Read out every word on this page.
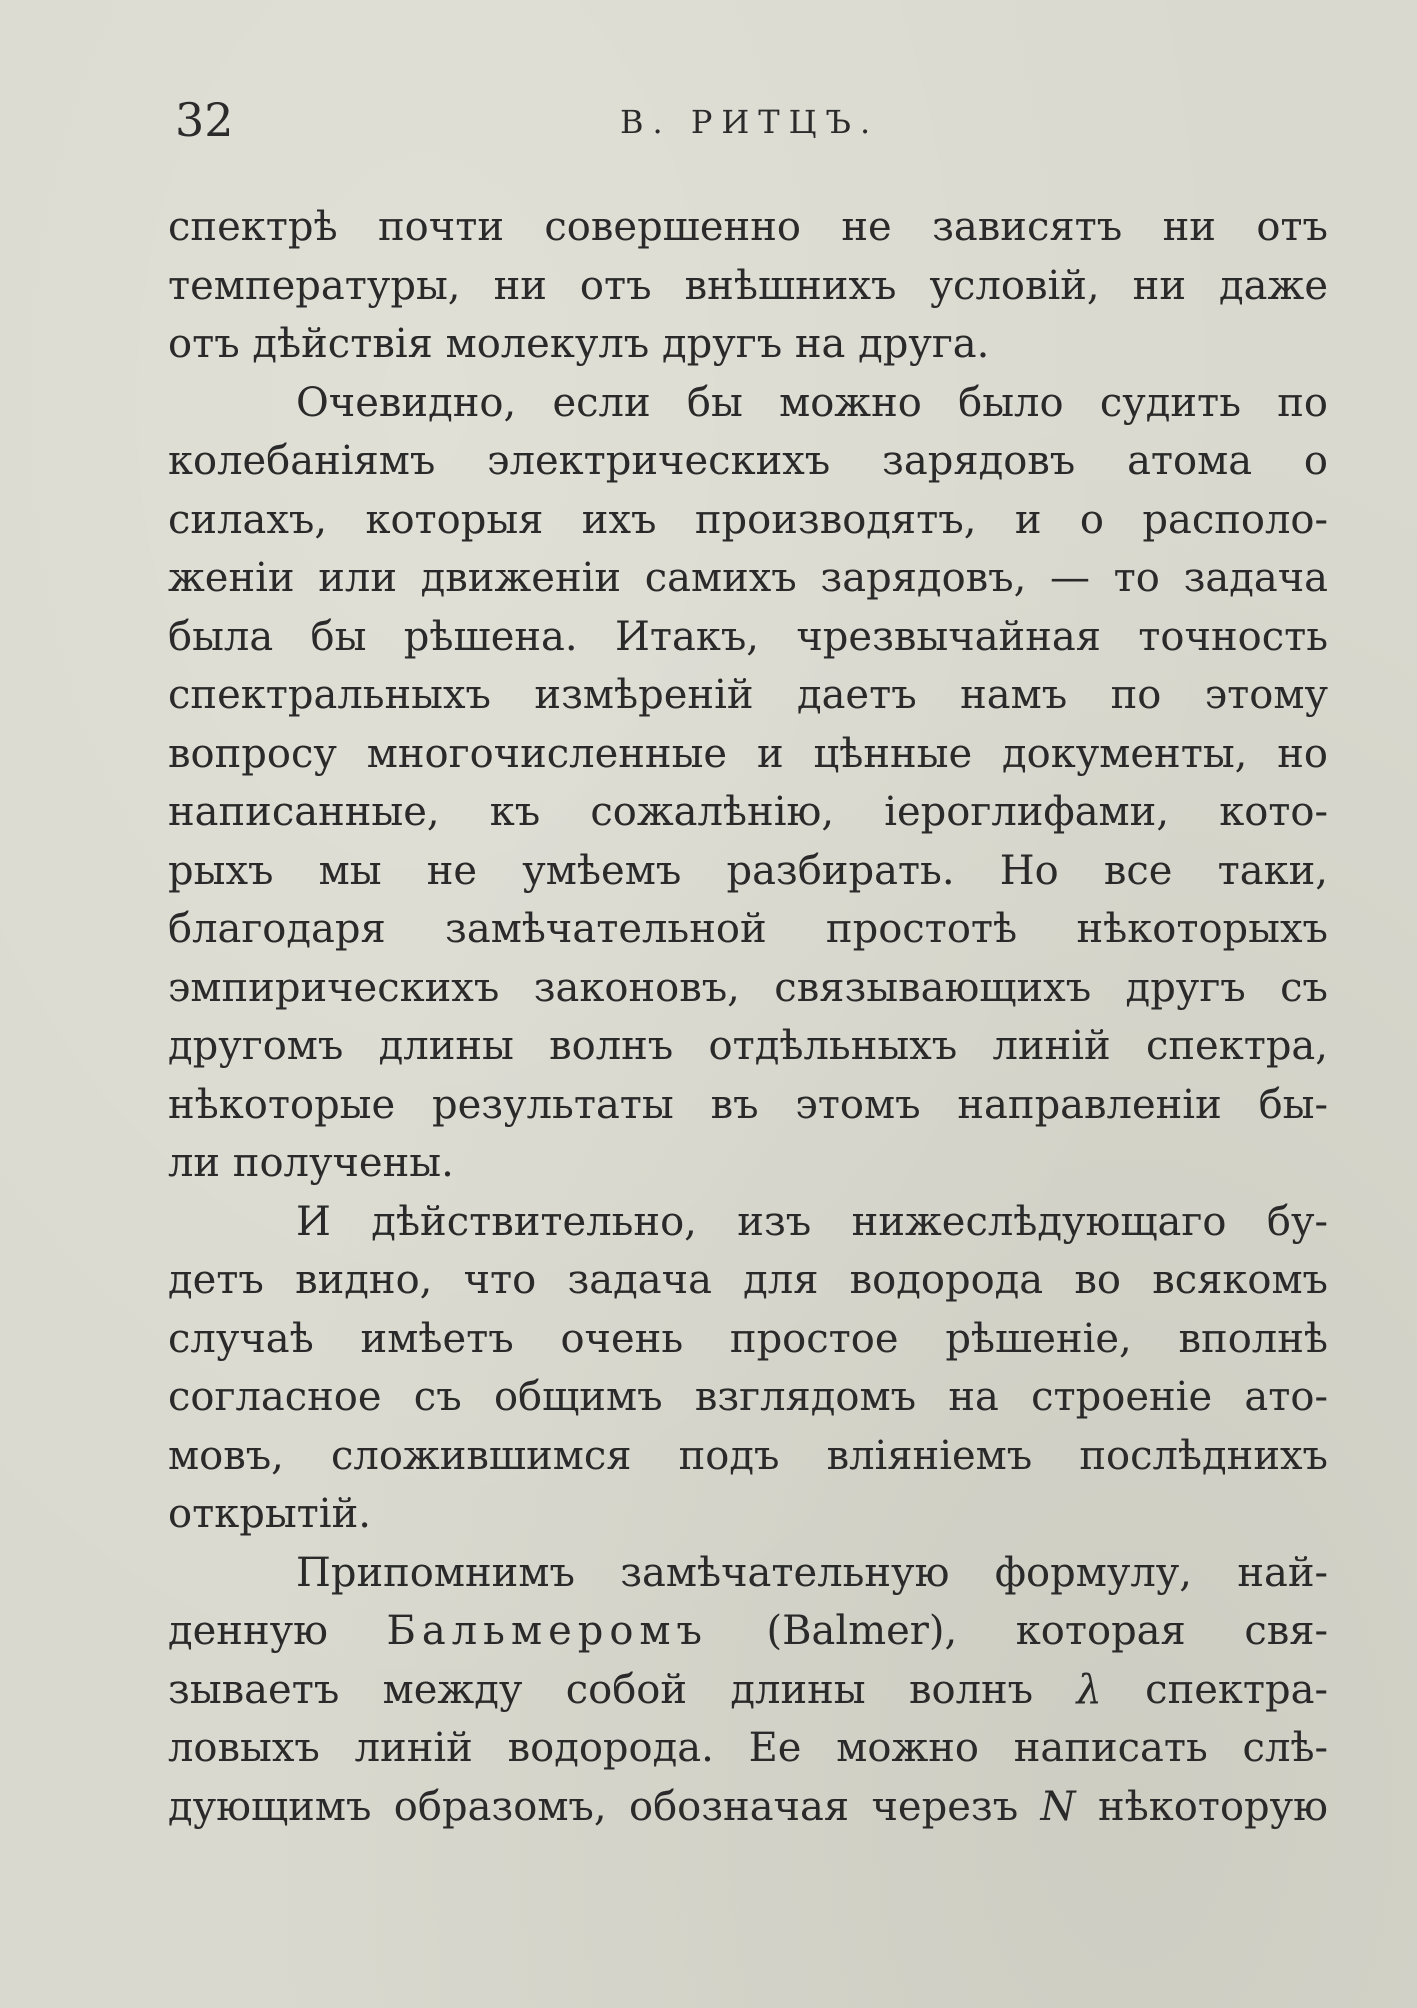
32	В. РИТЦЪ.
спектрѣ почти совершенно не зависятъ ни отъ
температуры, ни отъ внѣшнихъ условій, ни даже
отъ дѣйствія молекулъ другъ на друга.
Очевидно, если бы можно было судить по
колебаніямъ электрическихъ зарядовъ атома о
силахъ, которыя ихъ производятъ, и о располо-
женіи или движеніи самихъ зарядовъ, — то задача
была бы рѣшена. Итакъ, чрезвычайная точность
спектральныхъ измѣреній даетъ намъ по этому
вопросу многочисленные и цѣнные документы, но
написанные, къ сожалѣнію, іероглифами, кото-
рыхъ мы не умѣемъ разбирать. Но все таки,
благодаря замѣчательной простотѣ нѣкоторыхъ
эмпирическихъ законовъ, связывающихъ другъ съ
другомъ длины волнъ отдѣльныхъ линій спектра,
нѣкоторые результаты въ этомъ направленіи бы-
ли получены.
И дѣйствительно, изъ нижеслѣдующаго бу-
детъ видно, что задача для водорода во всякомъ
случаѣ имѣетъ очень простое рѣшеніе, вполнѣ
согласное съ общимъ взглядомъ на строеніе ато-
мовъ, сложившимся подъ вліяніемъ послѣднихъ
открытій.
Припомнимъ замѣчательную формулу, най-
денную Бальмеромъ (Balmer), которая свя-
зываетъ между собой длины волнъ λ спектра-
ловыхъ линій водорода. Ее можно написать слѣ-
дующимъ образомъ, обозначая черезъ N нѣкоторую
